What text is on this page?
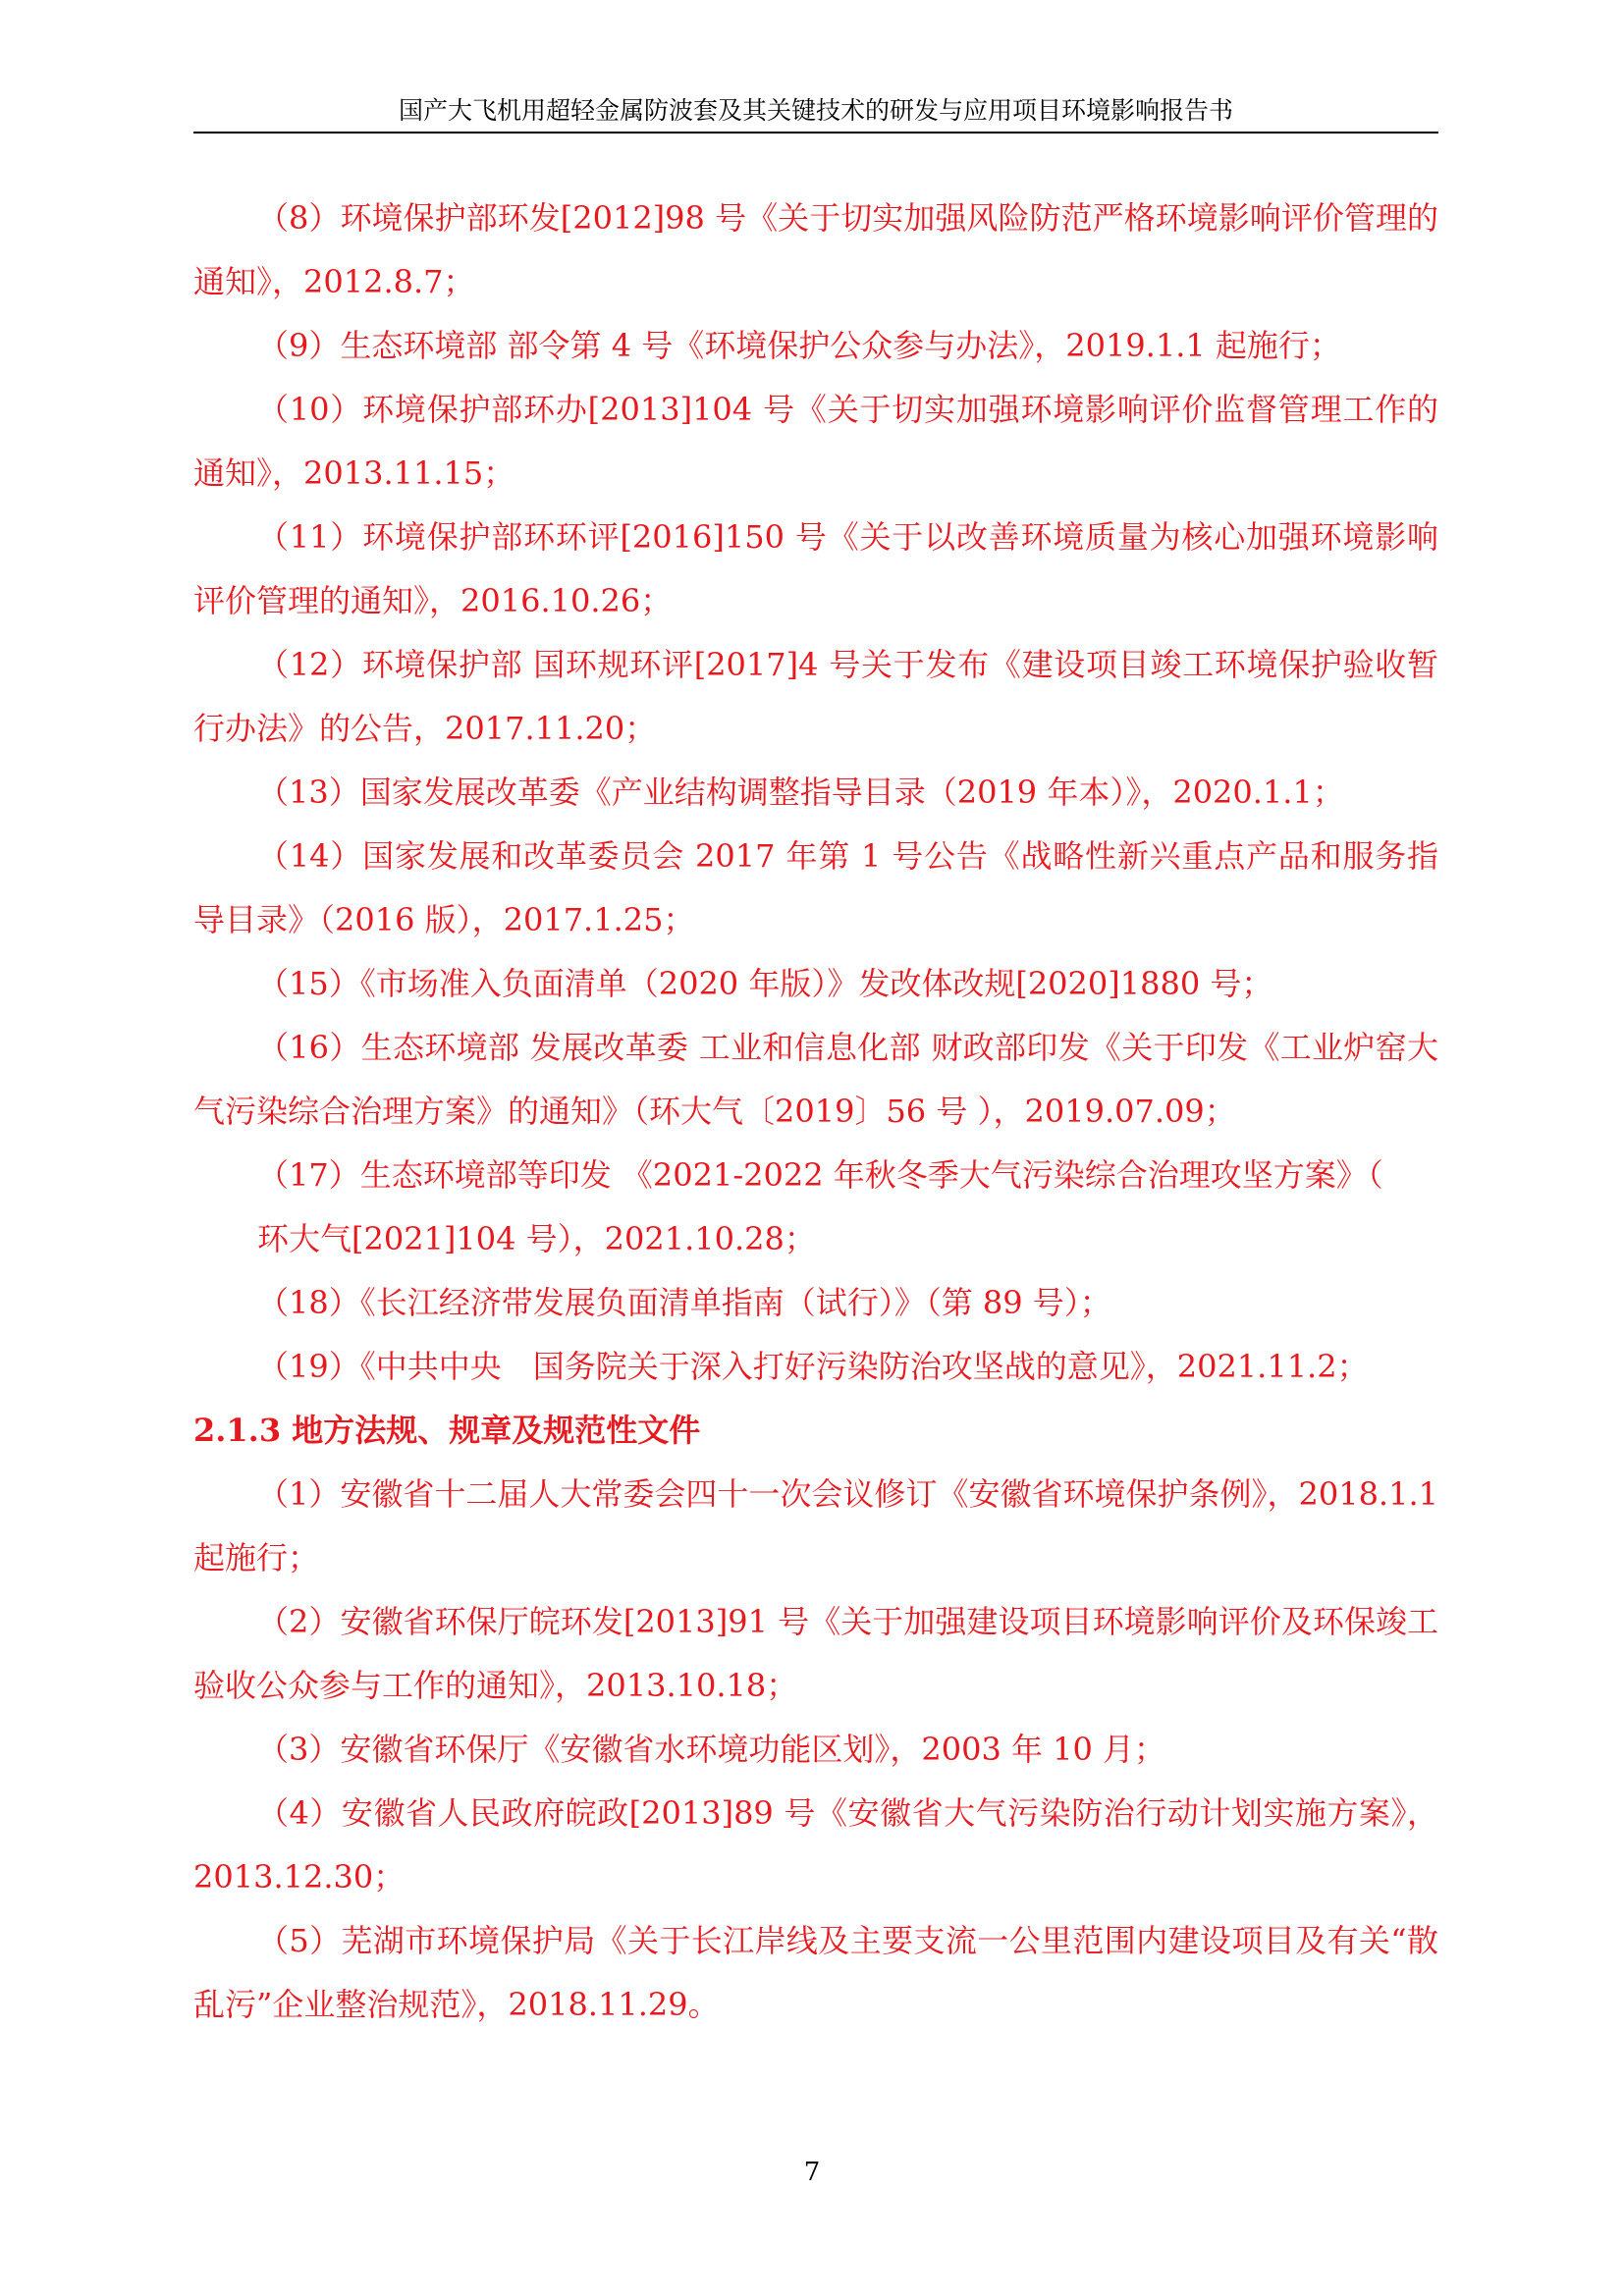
国产大飞机用超轻金属防波套及其关键技术的研发与应用项目环境影响报告书

（8）环境保护部环发[2012]98 号《关于切实加强风险防范严格环境影响评价管理的通知》，2012.8.7；

（9）生态环境部 部令第 4 号《环境保护公众参与办法》，2019.1.1 起施行；

（10）环境保护部环办[2013]104 号《关于切实加强环境影响评价监督管理工作的通知》，2013.11.15；

（11）环境保护部环环评[2016]150 号《关于以改善环境质量为核心加强环境影响评价管理的通知》，2016.10.26；

（12）环境保护部 国环规环评[2017]4 号关于发布《建设项目竣工环境保护验收暂行办法》的公告，2017.11.20；

（13）国家发展改革委《产业结构调整指导目录（2019 年本）》，2020.1.1；

（14）国家发展和改革委员会 2017 年第 1 号公告《战略性新兴重点产品和服务指导目录》（2016 版），2017.1.25；

（15）《市场准入负面清单（2020 年版）》发改体改规[2020]1880 号；

（16）生态环境部 发展改革委 工业和信息化部 财政部印发《关于印发《工业炉窑大气污染综合治理方案》的通知》（环大气〔2019〕56 号 ），2019.07.09；

（17）生态环境部等印发 《2021-2022 年秋冬季大气污染综合治理攻坚方案》（

环大气[2021]104 号），2021.10.28；

（18）《长江经济带发展负面清单指南（试行）》（第 89 号）；

（19）《中共中央　国务院关于深入打好污染防治攻坚战的意见》，2021.11.2；

2.1.3 地方法规、规章及规范性文件

（1）安徽省十二届人大常委会四十一次会议修订《安徽省环境保护条例》，2018.1.1 起施行；

（2）安徽省环保厅皖环发[2013]91 号《关于加强建设项目环境影响评价及环保竣工验收公众参与工作的通知》，2013.10.18；

（3）安徽省环保厅《安徽省水环境功能区划》，2003 年 10 月；

（4）安徽省人民政府皖政[2013]89 号《安徽省大气污染防治行动计划实施方案》，2013.12.30；

（5）芜湖市环境保护局《关于长江岸线及主要支流一公里范围内建设项目及有关“散乱污”企业整治规范》，2018.11.29。

7
